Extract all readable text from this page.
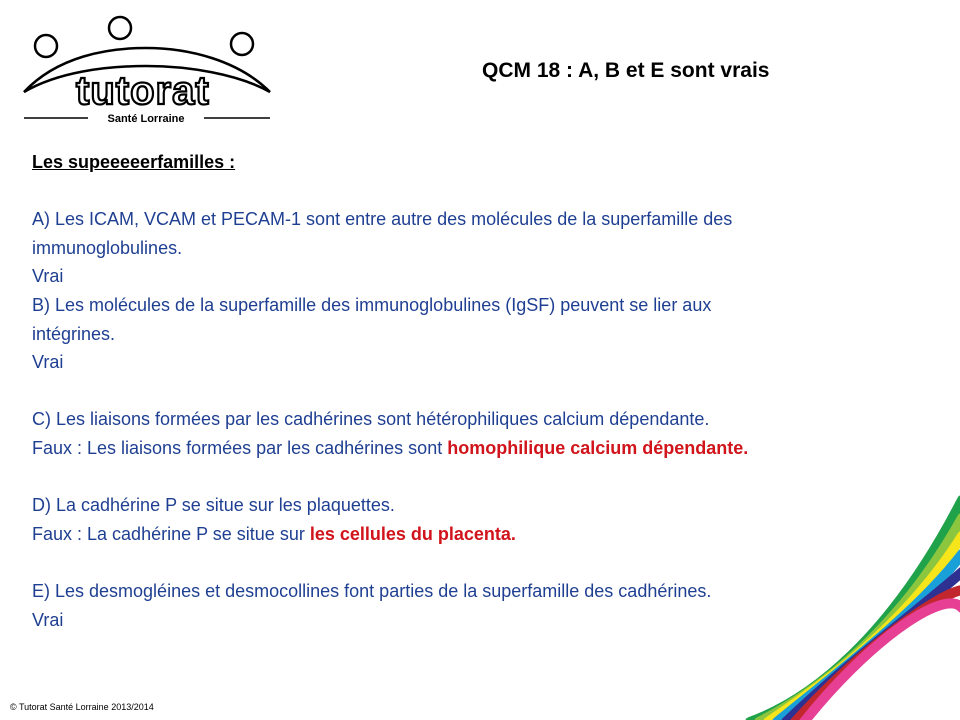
tutorat
Santé Lorraine
QCM 18 : A, B et E sont vrais
Les supeeeeerfamilles :
A) Les ICAM, VCAM et PECAM-1 sont entre autre des molécules de la superfamille des
immunoglobulines.
Vrai
B) Les molécules de la superfamille des immunoglobulines (IgSF) peuvent se lier aux
intégrines.
Vrai
C) Les liaisons formées par les cadhérines sont hétérophiliques calcium dépendante.
Faux : Les liaisons formées par les cadhérines sont homophilique calcium dépendante.
D) La cadhérine P se situe sur les plaquettes.
Faux : La cadhérine P se situe sur les cellules du placenta.
E) Les desmogléines et desmocollines font parties de la superfamille des cadhérines.
Vrai
© Tutorat Santé Lorraine 2013/2014
